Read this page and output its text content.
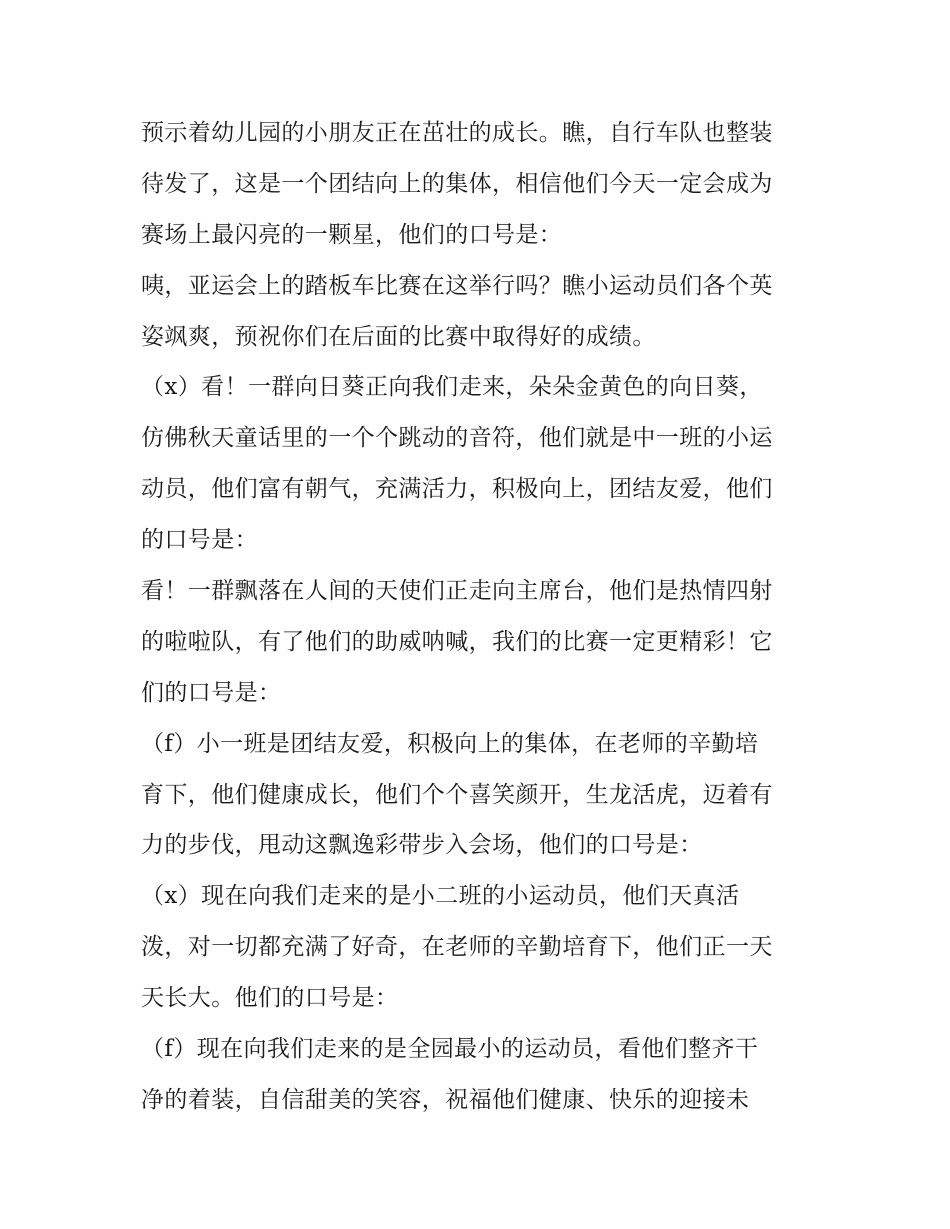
预示着幼儿园的小朋友正在茁壮的成长。瞧，自行车队也整装
待发了，这是一个团结向上的集体，相信他们今天一定会成为
赛场上最闪亮的一颗星，他们的口号是：
咦，亚运会上的踏板车比赛在这举行吗？瞧小运动员们各个英
姿飒爽，预祝你们在后面的比赛中取得好的成绩。
（x）看！一群向日葵正向我们走来，朵朵金黄色的向日葵，
仿佛秋天童话里的一个个跳动的音符，他们就是中一班的小运
动员，他们富有朝气，充满活力，积极向上，团结友爱，他们
的口号是：
看！一群飘落在人间的天使们正走向主席台，他们是热情四射
的啦啦队，有了他们的助威呐喊，我们的比赛一定更精彩！它
们的口号是：
（f）小一班是团结友爱，积极向上的集体，在老师的辛勤培
育下，他们健康成长，他们个个喜笑颜开，生龙活虎，迈着有
力的步伐，甩动这飘逸彩带步入会场，他们的口号是：
（x）现在向我们走来的是小二班的小运动员，他们天真活
泼，对一切都充满了好奇，在老师的辛勤培育下，他们正一天
天长大。他们的口号是：
（f）现在向我们走来的是全园最小的运动员，看他们整齐干
净的着装，自信甜美的笑容，祝福他们健康、快乐的迎接未
